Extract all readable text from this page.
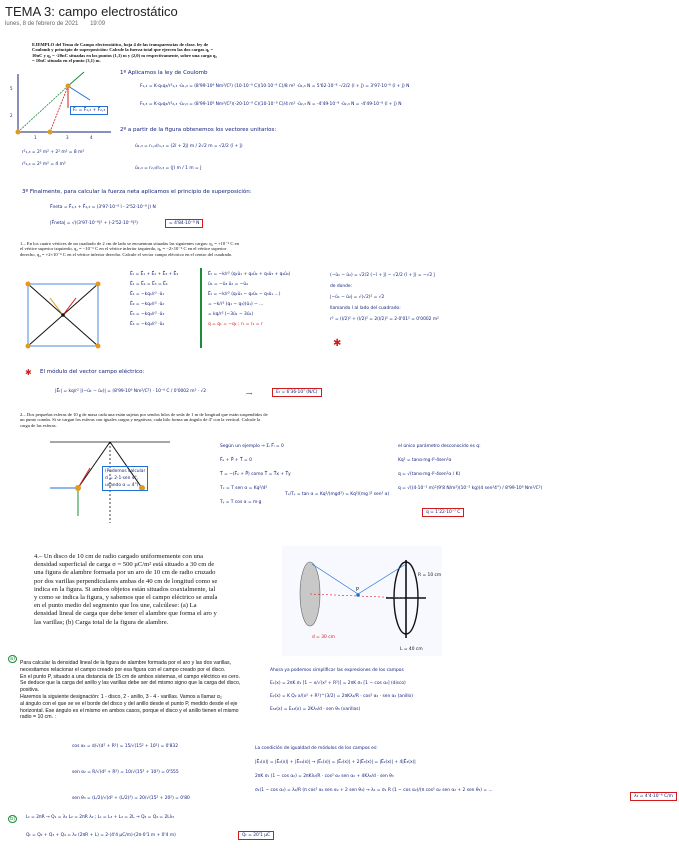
TEMA 3: campo electrostático
lunes, 8 de febrero de 2021 19:09
EJEMPLO del Tema de Campo electrostático, hoja 4 de las transparencias de clase. ley de Coulomb y principio de superposición: Calcule la fuerza total que ejercen las dos cargas q₁ = 10nC y q₂ = -20nC situadas en los puntos (1,1) m y (2,0) m respectivamente, sobre una carga q₃ = 10nC situada en el punto (3,1) m.
5
2
1	3	4
F⃗ₙ = F⃗₁,₃ + F⃗₂,₃
1º Aplicamos la ley de Coulomb
F₁,₃ = K·q₁q₃/r²₁,₃ ·û₁,₃ = (8'99·10⁹ Nm²/C²) (10·10⁻⁹ C)(10·10⁻⁹ C)/8 m² ·û₁,₃ N = 5'62·10⁻⁸ ·√2/2 (î + ĵ) = 3'97·10⁻⁸ (î + ĵ) N
F₂,₃ = K·q₂q₃/r²₂,₃ ·û₂,₃ = (8'99·10⁹ Nm²/C²)(-20·10⁻⁹ C)(10·10⁻⁹ C)/4 m² ·û₂,₃ N = -4'49·10⁻⁸ ·û₂,₃ N = -4'49·10⁻⁸ (î + ĵ) N
2º a partir de la figura obtenemos los vectores unitarios:
û₁,₃ = r₁,₃/r₁,₃ = (2î + 2ĵ) m / 2√2 m = √2/2 (î + ĵ)
û₂,₃ = r₂,₃/r₂,₃ = (ĵ) m / 1 m = ĵ
r²₁,₃ = 2² m² + 2² m² = 8 m²
r²₂,₃ = 2² m² = 4 m²
3º Finalmente, para calcular la fuerza neta aplicamos el principio de superposición:
F⃗neta = F⃗₁,₃ + F⃗₂,₃ = (3'97·10⁻⁸ î - 2'52·10⁻⁸ ĵ) N
|F⃗neta| = √((3'97·10⁻⁸)² + (-2'52·10⁻⁸)²)	= 4'84·10⁻⁸ N
1.– En los cuatro vértices de un cuadrado de 2 cm de lado se encuentran situadas las siguientes cargas: q₁ = +10⁻⁶ C en el vértice superior izquierdo, q₂ = −10⁻⁶ C en el vértice inferior izquierdo, q₃ = −2×10⁻⁶ C en el vértice superior derecho, q₄ = +2×10⁻⁶ C en el vértice inferior derecho. Calcule el vector campo eléctrico en el centro del cuadrado.
E⃗ₜ = E⃗₁ + E⃗₂ + E⃗₃ + E⃗₄
E⃗₁ = E⃗₂ = E⃗₃ = E⃗₄
E⃗₁ = −kq₁/r² ·û₁
E⃗₂ = −kq₂/r² ·û₂
E⃗₃ = −kq₃/r² ·û₃
E⃗₄ = −kq₄/r² ·û₄
E⃗ₜ = −k/r² (q₁û₁ + q₂û₂ + q₃û₃ + q₄û₄)
û₁ = −û₃ û₂ = −û₄
E⃗ₜ = −k/r² (q₁û₁ − q₂û₂ − q₃û₁ ...)
= −k/r² (q₁ − q₃)(û₁) − ...
= kq/r² (−3û₁ − 3û₂)
q = q₁ = −q₂ ; r₁ = r₂ = r
(−û₁ − û₂) = √2/2 (−î + ĵ) − √2/2 (î + ĵ) = −√2 ĵ
de donde:
|−û₁ − û₂| = √(√2)² = √2
llamando l al lado del cuadrado:
r² = (l/2)² + (l/2)² = 2(l/2)² = 2·0'01² = 0'0002 m²
✱
✱ El módulo del vector campo eléctrico:
|E⃗ₜ| = kq/r² |(−û₁ − û₂)| = (8'99·10⁹ Nm²/C²) · 10⁻⁶ C / 0'0002 m² · √2
⟹	Eₜ = 6'36·10⁷ (N/C)
2.– Dos pequeñas esferas de 10 g de masa cada una están sujetas por sendos hilos de seda de 1 m de longitud que están suspendidos de un punto común. Si se cargan los esferas con iguales cargas y negativas, cada hilo forma un ángulo de 4º con la vertical. Calcule la carga de las esferas.
(Podemos calcular
d = 2·1·sen 4°,
usando α = 4°)
Según un ejemplo → Σᵢ F⃗ᵢ = 0
F⃗ₑ + P⃗ + T⃗ = 0
T⃗ = −(F⃗ₑ + P⃗) como T⃗ = T⃗x + T⃗y
Tₓ = T sen α = Kq²/d²
Tᵧ = T cos α = m·g
Tₓ/Tᵧ = tan α = Kq²/(mgd²) = Kq²/(mg l² sen² α)
el único parámetro desconocido es q:
Kq² = tanα·mg·l²·4sen²α
q = √(tanα·mg·l²·4sen²α / K)
q = √((4·10⁻² m)²(9'8 N/m²)(10⁻² kg)(4 sen²4°) / 8'99·10⁹ Nm²/C²)
q = 1'22·10⁻⁷ C
4.– Un disco de 10 cm de radio cargado uniformemente con una densidad superficial de carga σ = 500 μC/m² está situado a 30 cm de una figura de alambre formada por un aro de 10 cm de radio cruzado por dos varillas perpendiculares ambas de 40 cm de longitud como se indica en la figura. Si ambos objetos están situados coaxialmente, tal y como se indica la figura, y sabemos que el campo eléctrico se anula en el punto medio del segmento que los une, calcúlese: (a) La densidad lineal de carga que debe tener el alambre que forma el aro y las varillas; (b) Carga total de la figura de alambre.
P
d = 30 cm
L = 40 cm
R = 10 cm
a)
Para calcular la densidad lineal de la figura de alambre formada por el aro y las dos varillas,
necesitamos relacionar el campo creado por esa figura con el campo creado por el disco.
En el punto P, situado a una distancia de 15 cm de ambos sistemas, el campo eléctrico es cero.
Se deduce que la carga del anillo y las varillas debe ser del mismo signo que la carga del disco,
positiva.
Haremos la siguiente designación: 1 - disco, 2 - anillo, 3 - 4 - varillas. Vamos a llamar α₂
al ángulo con el que se ve el borde del disco y del anillo desde el punto P, medido desde el eje
horizontal. Ese ángulo es el mismo en ambos casos, porque el disco y el anillo tienen el mismo
radio = 10 cm. :
cos α₂ = d/√(d² + R²) = 15/√(15² + 10²) = 0'832
sen α₂ = R/√(d² + R²) = 10/√(15² + 10²) = 0'555
sen θ₃ = (L/2)/√(d² + (L/2)²) = 20/√(15² + 20²) = 0'80
Ahora ya podemos simplificar las expresiones de los campos
E₁(x) = 2πK σ₁ [1 − x/√(x² + R²)] = 2πK σ₁ [1 − cos α₂] (disco)
E₂(x) = K Q₂ x/(x² + R²)^(3/2) = 2πKλ₂/R · cos² α₂ · sen α₂ (anillo)
E₃₄(x) = E₄₃(x) = 2Kλ₃/d · sen θ₃ (varillas)
La condición de igualdad de módulos de los campos es:
|E⃗₁(x)| = |E⃗₂(x)| + |E⃗₃₄(x)| → |E⃗₁(x)| = |E⃗₂(x)| + 2|E⃗₃(x)| = |E⃗₂(x)| + 4|E⃗₃(x)|
2πK σ₁ (1 − cos α₂) = 2πKλ₂/R · cos² α₂ sen α₂ + 4Kλ₃/d · sen θ₃
σ₁(1 − cos α₂) = λ₂/R (π cos² α₂ sen α₂ + 2 sen θ₃) → λ₂ = σ₁ R (1 − cos α₂)/(π cos² α₂ sen α₂ + 2 sen θ₃) = ...
λ₂ = 4'4·10⁻⁶ C/m
b)	Lₜ = 2πR → Q₁ = λ₂ L₂ = 2πR λ₂ ; Lₜ = L₃ + L₄ = 2L → Q₃ = Q₄ = 2Lλ₃
Qₜ = Q₂ + Q₃ + Q₄ = λ₂ (2πR + L) = 2·(4'4 μC/m)·(2π·0'1 m + 0'4 m)	Qₜ = 20'1 μC
